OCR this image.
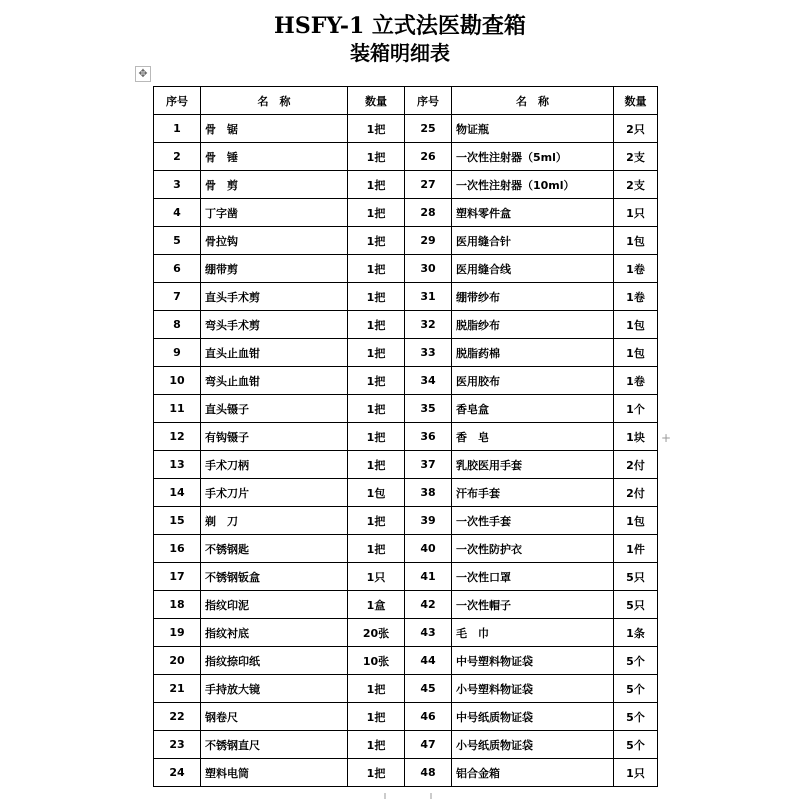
HSFY-1 立式法医勘查箱
装箱明细表
✥
+
序号	名　称	数量	序号	名　称	数量
1	骨　锯	1把	25	物证瓶	2只
2	骨　锤	1把	26	一次性注射器（5ml）	2支
3	骨　剪	1把	27	一次性注射器（10ml）	2支
4	丁字凿	1把	28	塑料零件盒	1只
5	骨拉钩	1把	29	医用缝合针	1包
6	绷带剪	1把	30	医用缝合线	1卷
7	直头手术剪	1把	31	绷带纱布	1卷
8	弯头手术剪	1把	32	脱脂纱布	1包
9	直头止血钳	1把	33	脱脂药棉	1包
10	弯头止血钳	1把	34	医用胶布	1卷
11	直头镊子	1把	35	香皂盒	1个
12	有钩镊子	1把	36	香　皂	1块
13	手术刀柄	1把	37	乳胶医用手套	2付
14	手术刀片	1包	38	汗布手套	2付
15	剃　刀	1把	39	一次性手套	1包
16	不锈钢匙	1把	40	一次性防护衣	1件
17	不锈钢钣盒	1只	41	一次性口罩	5只
18	指纹印泥	1盒	42	一次性帽子	5只
19	指纹衬底	20张	43	毛　巾	1条
20	指纹捺印纸	10张	44	中号塑料物证袋	5个
21	手持放大镜	1把	45	小号塑料物证袋	5个
22	钢卷尺	1把	46	中号纸质物证袋	5个
23	不锈钢直尺	1把	47	小号纸质物证袋	5个
24	塑料电筒	1把	48	铝合金箱	1只
